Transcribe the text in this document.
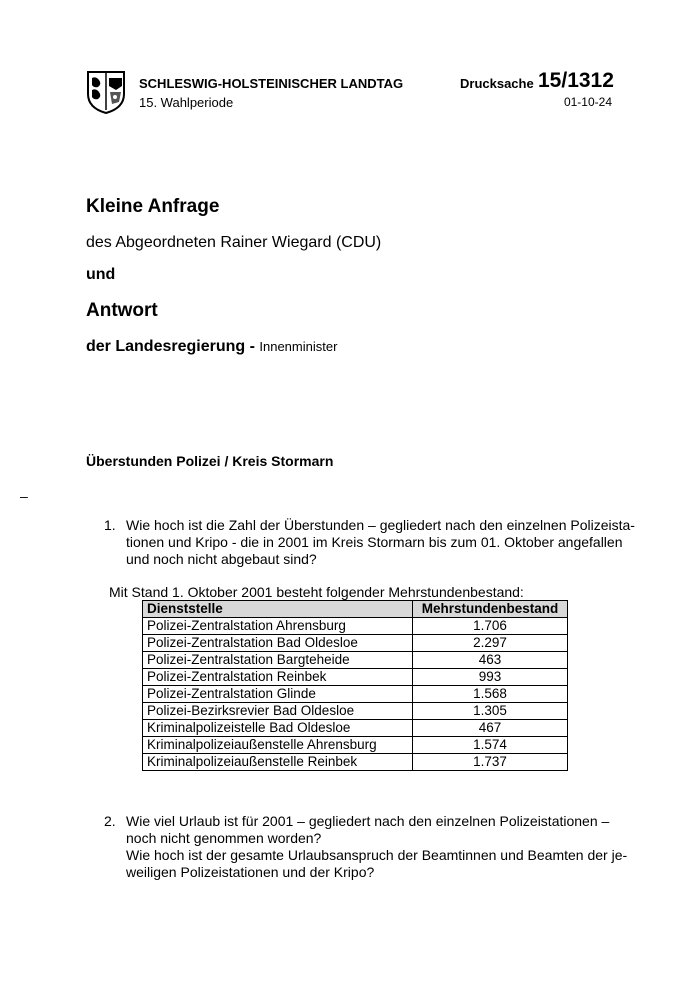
SCHLESWIG-HOLSTEINISCHER LANDTAG
15. Wahlperiode
Drucksache 15/1312
01-10-24
Kleine Anfrage
des Abgeordneten Rainer Wiegard (CDU)
und
Antwort
der Landesregierung - Innenminister
Überstunden Polizei / Kreis Stormarn
–
1. Wie hoch ist die Zahl der Überstunden – gegliedert nach den einzelnen Polizeista-
tionen und Kripo - die in 2001 im Kreis Stormarn bis zum 01. Oktober angefallen
und noch nicht abgebaut sind?
Mit Stand 1. Oktober 2001 besteht folgender Mehrstundenbestand:
Dienststelle	Mehrstundenbestand
Polizei-Zentralstation Ahrensburg	1.706
Polizei-Zentralstation Bad Oldesloe	2.297
Polizei-Zentralstation Bargteheide	463
Polizei-Zentralstation Reinbek	993
Polizei-Zentralstation Glinde	1.568
Polizei-Bezirksrevier Bad Oldesloe	1.305
Kriminalpolizeistelle Bad Oldesloe	467
Kriminalpolizeiaußenstelle Ahrensburg	1.574
Kriminalpolizeiaußenstelle Reinbek	1.737
2. Wie viel Urlaub ist für 2001 – gegliedert nach den einzelnen Polizeistationen –
noch nicht genommen worden?
Wie hoch ist der gesamte Urlaubsanspruch der Beamtinnen und Beamten der je-
weiligen Polizeistationen und der Kripo?
